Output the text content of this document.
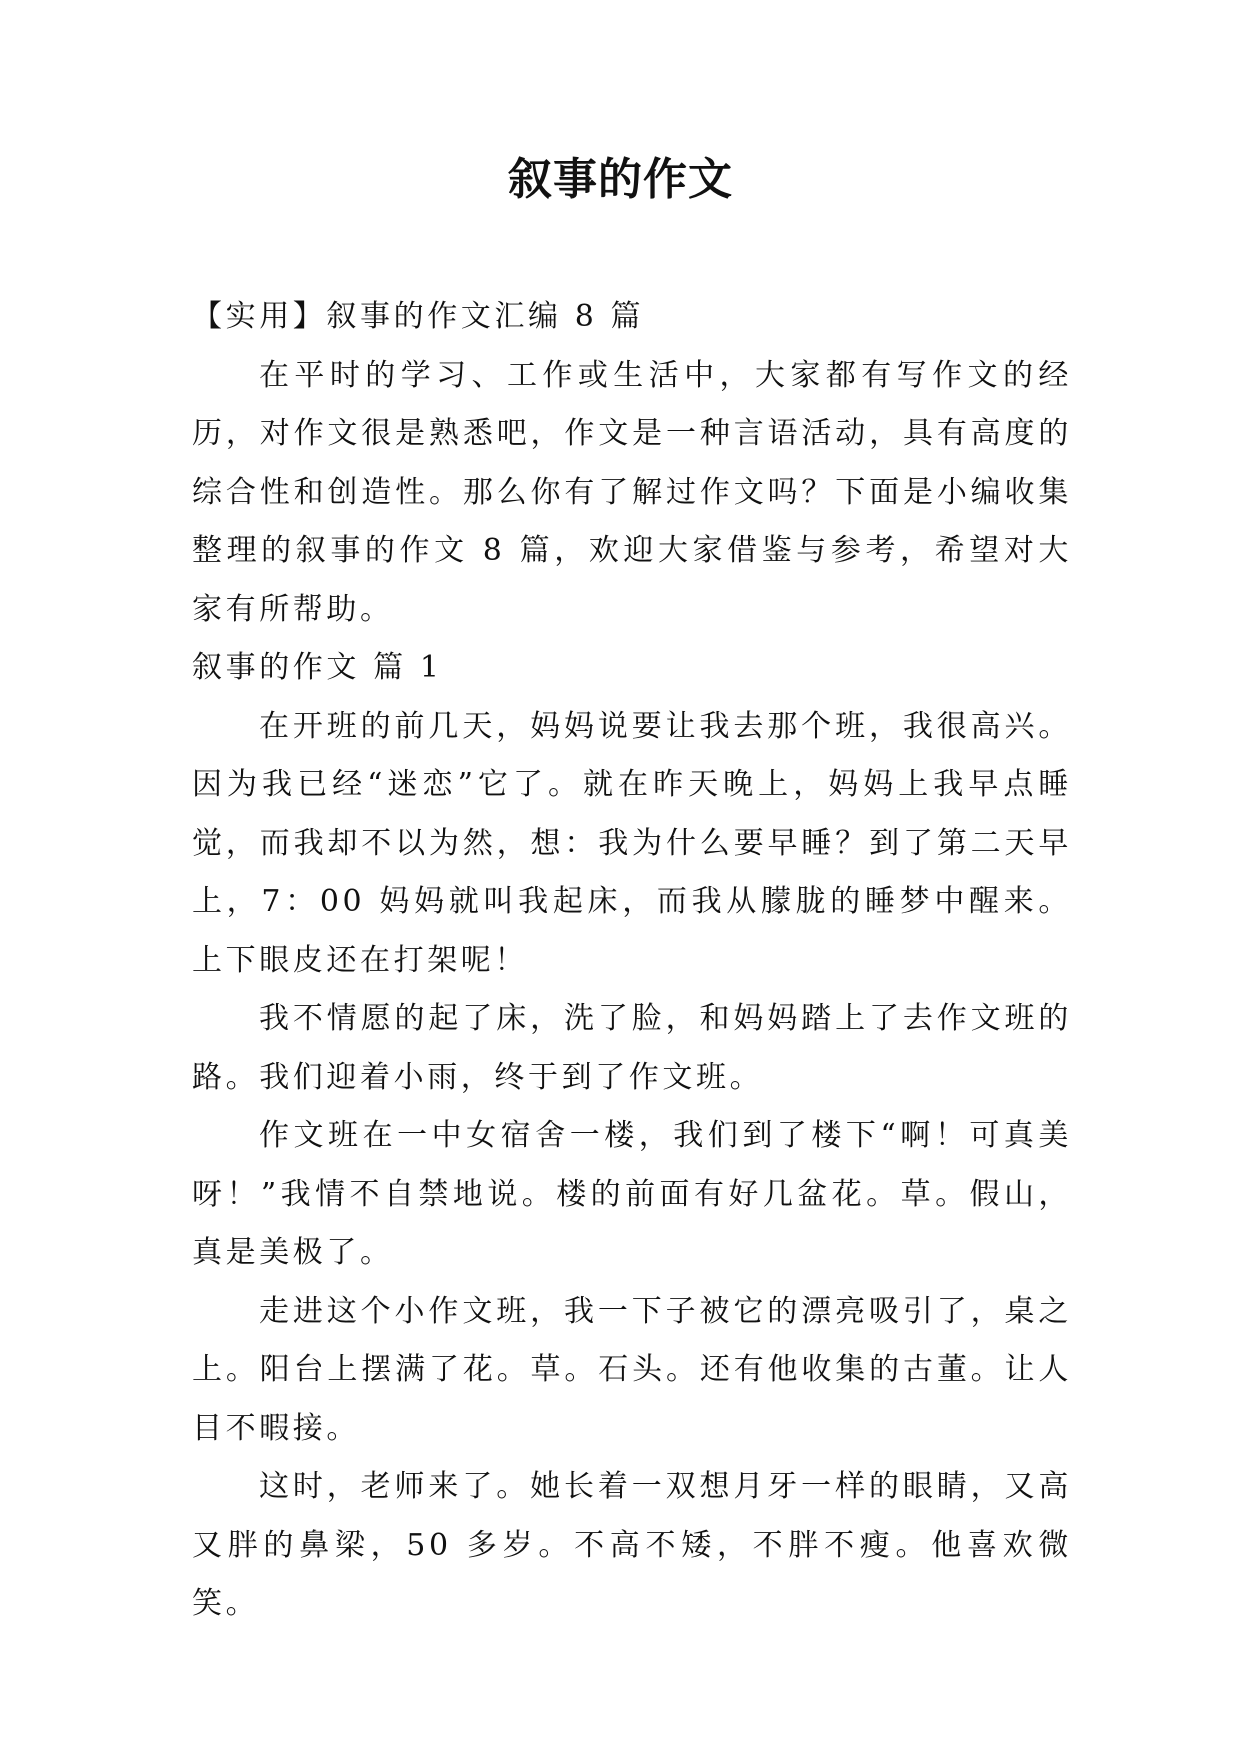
叙事的作文

【实用】叙事的作文汇编 8 篇

在平时的学习、工作或生活中，大家都有写作文的经历，对作文很是熟悉吧，作文是一种言语活动，具有高度的综合性和创造性。那么你有了解过作文吗？下面是小编收集整理的叙事的作文 8 篇，欢迎大家借鉴与参考，希望对大家有所帮助。

叙事的作文 篇 1

在开班的前几天，妈妈说要让我去那个班，我很高兴。因为我已经“迷恋”它了。就在昨天晚上，妈妈上我早点睡觉，而我却不以为然，想：我为什么要早睡？到了第二天早上，7：00 妈妈就叫我起床，而我从朦胧的睡梦中醒来。上下眼皮还在打架呢！

我不情愿的起了床，洗了脸，和妈妈踏上了去作文班的路。我们迎着小雨，终于到了作文班。

作文班在一中女宿舍一楼，我们到了楼下“啊！可真美呀！”我情不自禁地说。楼的前面有好几盆花。草。假山，真是美极了。

走进这个小作文班，我一下子被它的漂亮吸引了，桌之上。阳台上摆满了花。草。石头。还有他收集的古董。让人目不暇接。

这时，老师来了。她长着一双想月牙一样的眼睛，又高又胖的鼻梁，50 多岁。不高不矮，不胖不瘦。他喜欢微笑。
